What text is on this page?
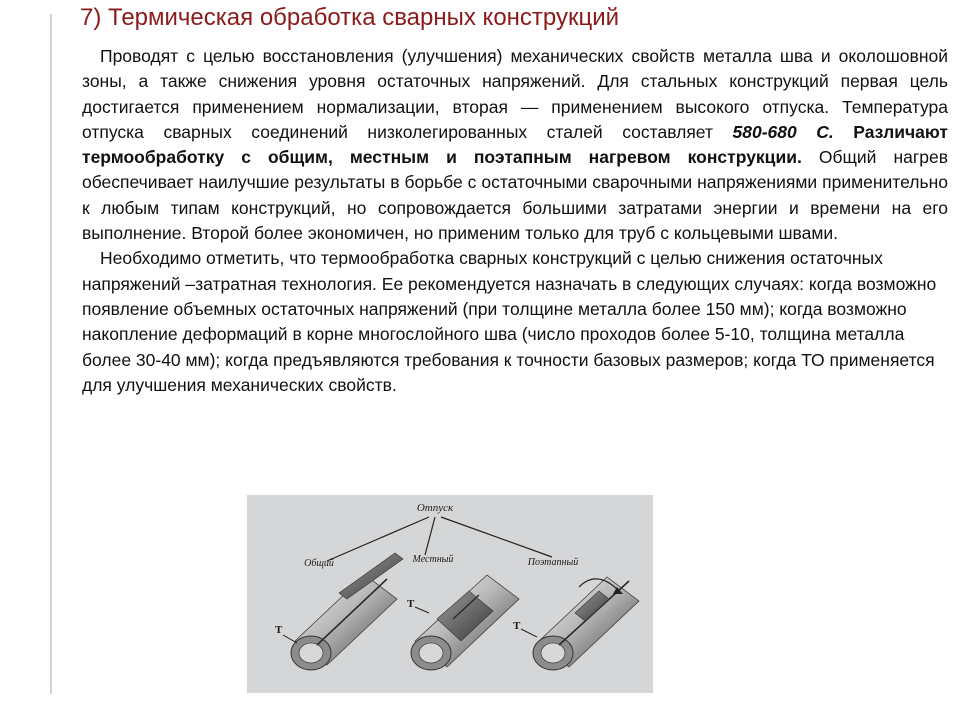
7) Термическая обработка сварных конструкций

Проводят с целью восстановления (улучшения) механических свойств металла шва и околошовной зоны, а также снижения уровня остаточных напряжений. Для стальных конструкций первая цель достигается применением нормализации, вторая — применением высокого отпуска. Температура отпуска сварных соединений низколегированных сталей составляет 580-680 С. Различают термообработку с общим, местным и поэтапным нагревом конструкции. Общий нагрев обеспечивает наилучшие результаты в борьбе с остаточными сварочными напряжениями применительно к любым типам конструкций, но сопровождается большими затратами энергии и времени на его выполнение. Второй более экономичен, но применим только для труб с кольцевыми швами.

Необходимо отметить, что термообработка сварных конструкций с целью снижения остаточных напряжений –затратная технология. Ее рекомендуется назначать в следующих случаях: когда возможно появление объемных остаточных напряжений (при толщине металла более 150 мм); когда возможно накопление деформаций в корне многослойного шва (число проходов более 5-10, толщина металла более 30-40 мм); когда предъявляются требования к точности базовых размеров; когда ТО применяется для улучшения механических свойств.

Отпуск
Общий	Местный	Поэтапный
T
T
T
